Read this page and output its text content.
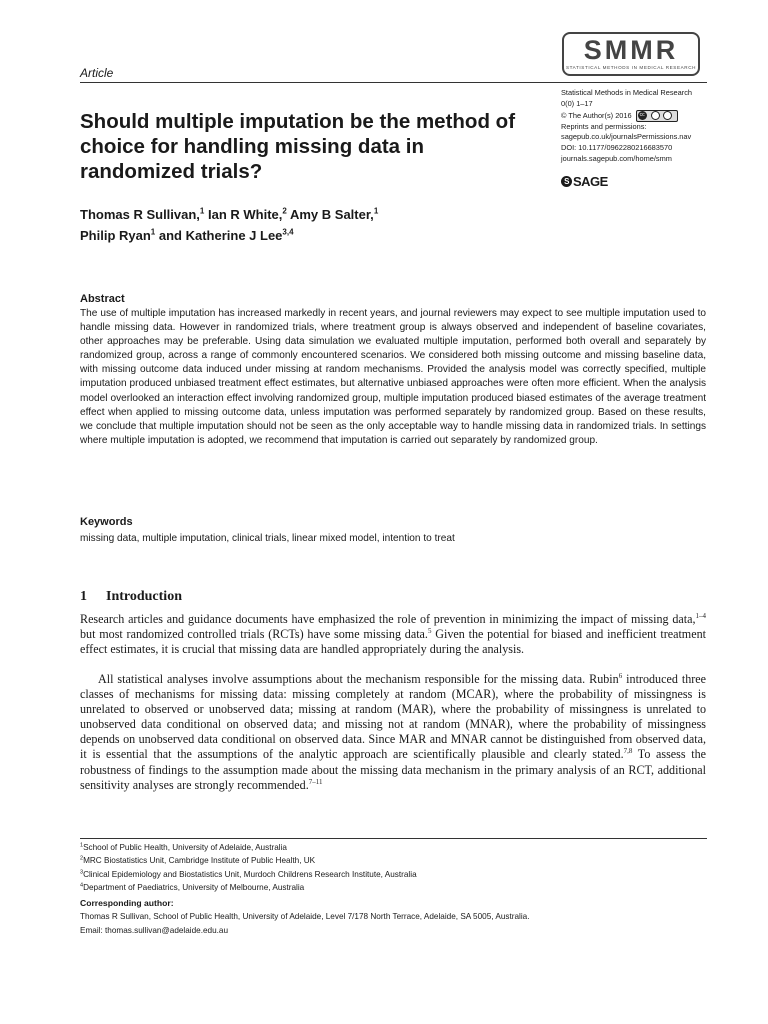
Article
SMMR
STATISTICAL METHODS IN MEDICAL RESEARCH
Statistical Methods in Medical Research
0(0) 1–17
© The Author(s) 2016	cc
Reprints and permissions:
sagepub.co.uk/journalsPermissions.nav
DOI: 10.1177/0962280216683570
journals.sagepub.com/home/smm
S SAGE
Should multiple imputation be the method of choice for handling missing data in randomized trials?
Thomas R Sullivan,$^1$ Ian R White,$^2$ Amy B Salter,$^1$
Philip Ryan$^1$ and Katherine J Lee$^{3,4}$
Abstract
The use of multiple imputation has increased markedly in recent years, and journal reviewers may expect to see multiple imputation used to handle missing data. However in randomized trials, where treatment group is always observed and independent of baseline covariates, other approaches may be preferable. Using data simulation we evaluated multiple imputation, performed both overall and separately by randomized group, across a range of commonly encountered scenarios. We considered both missing outcome and missing baseline data, with missing outcome data induced under missing at random mechanisms. Provided the analysis model was correctly specified, multiple imputation produced unbiased treatment effect estimates, but alternative unbiased approaches were often more efficient. When the analysis model overlooked an interaction effect involving randomized group, multiple imputation produced biased estimates of the average treatment effect when applied to missing outcome data, unless imputation was performed separately by randomized group. Based on these results, we conclude that multiple imputation should not be seen as the only acceptable way to handle missing data in randomized trials. In settings where multiple imputation is adopted, we recommend that imputation is carried out separately by randomized group.
Keywords
missing data, multiple imputation, clinical trials, linear mixed model, intention to treat
1 Introduction
Research articles and guidance documents have emphasized the role of prevention in minimizing the impact of missing data,$^{1-4}$ but most randomized controlled trials (RCTs) have some missing data.$^5$ Given the potential for biased and inefficient treatment effect estimates, it is crucial that missing data are handled appropriately during the analysis.
All statistical analyses involve assumptions about the mechanism responsible for the missing data. Rubin$^6$ introduced three classes of mechanisms for missing data: missing completely at random (MCAR), where the probability of missingness is unrelated to observed or unobserved data; missing at random (MAR), where the probability of missingness is unrelated to unobserved data conditional on observed data; and missing not at random (MNAR), where the probability of missingness depends on unobserved data conditional on observed data. Since MAR and MNAR cannot be distinguished from observed data, it is essential that the assumptions of the analytic approach are scientifically plausible and clearly stated.$^{7,8}$ To assess the robustness of findings to the assumption made about the missing data mechanism in the primary analysis of an RCT, additional sensitivity analyses are strongly recommended.$^{7-11}$
$^1$School of Public Health, University of Adelaide, Australia
$^2$MRC Biostatistics Unit, Cambridge Institute of Public Health, UK
$^3$Clinical Epidemiology and Biostatistics Unit, Murdoch Childrens Research Institute, Australia
$^4$Department of Paediatrics, University of Melbourne, Australia
Corresponding author:
Thomas R Sullivan, School of Public Health, University of Adelaide, Level 7/178 North Terrace, Adelaide, SA 5005, Australia.
Email: thomas.sullivan@adelaide.edu.au
